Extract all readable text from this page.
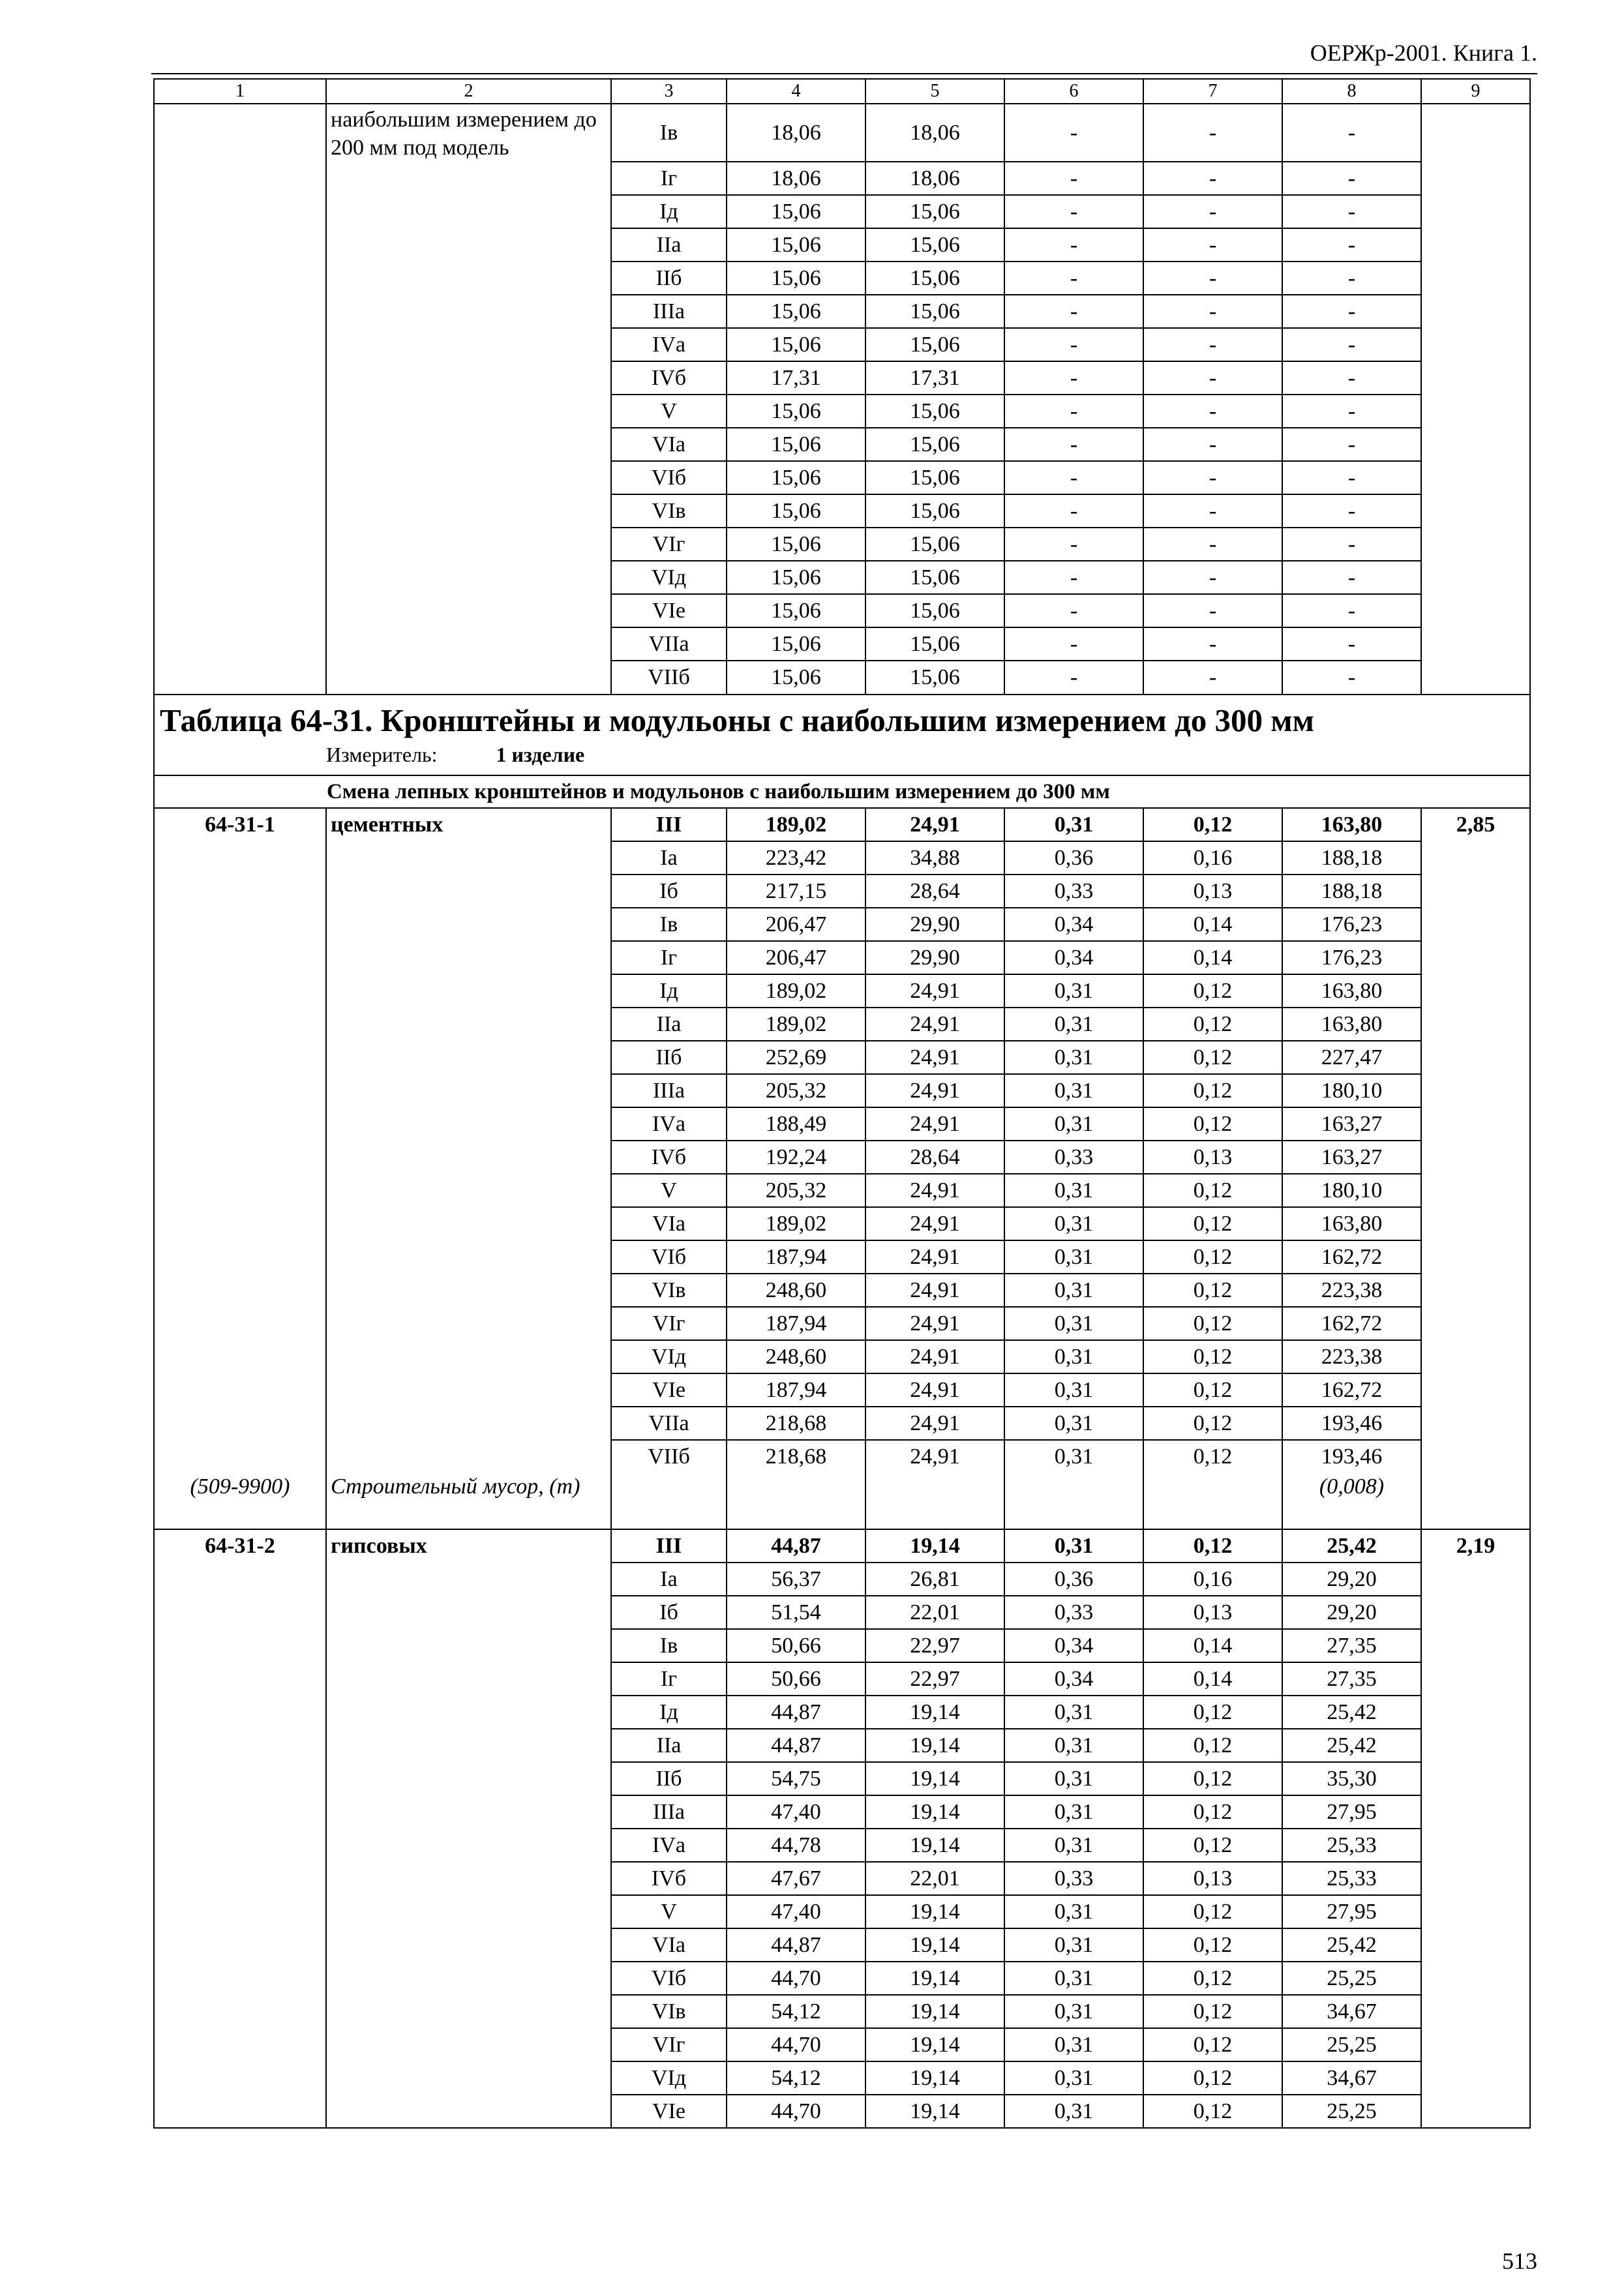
ОЕРЖр-2001. Книга 1.
1	2	3	4	5	6	7	8	9
	наибольшим измерением до 200 мм под модель	Iв	18,06	18,06	-	-	-	
		Iг	18,06	18,06	-	-	-	
		Iд	15,06	15,06	-	-	-	
		IIа	15,06	15,06	-	-	-	
		IIб	15,06	15,06	-	-	-	
		IIIа	15,06	15,06	-	-	-	
		IVа	15,06	15,06	-	-	-	
		IVб	17,31	17,31	-	-	-	
		V	15,06	15,06	-	-	-	
		VIа	15,06	15,06	-	-	-	
		VIб	15,06	15,06	-	-	-	
		VIв	15,06	15,06	-	-	-	
		VIг	15,06	15,06	-	-	-	
		VIд	15,06	15,06	-	-	-	
		VIе	15,06	15,06	-	-	-	
		VIIа	15,06	15,06	-	-	-	
		VIIб	15,06	15,06	-	-	-	
Таблица 64-31. Кронштейны и модульоны с наибольшим измерением до 300 мм
Измеритель: 1 изделие								

Смена лепных кронштейнов и модульонов с наибольшим измерением до 300 мм								
64-31-1	цементных	III	189,02	24,91	0,31	0,12	163,80	2,85
		Iа	223,42	34,88	0,36	0,16	188,18	
		Iб	217,15	28,64	0,33	0,13	188,18	
		Iв	206,47	29,90	0,34	0,14	176,23	
		Iг	206,47	29,90	0,34	0,14	176,23	
		Iд	189,02	24,91	0,31	0,12	163,80	
		IIа	189,02	24,91	0,31	0,12	163,80	
		IIб	252,69	24,91	0,31	0,12	227,47	
		IIIа	205,32	24,91	0,31	0,12	180,10	
		IVа	188,49	24,91	0,31	0,12	163,27	
		IVб	192,24	28,64	0,33	0,13	163,27	
		V	205,32	24,91	0,31	0,12	180,10	
		VIа	189,02	24,91	0,31	0,12	163,80	
		VIб	187,94	24,91	0,31	0,12	162,72	
		VIв	248,60	24,91	0,31	0,12	223,38	
		VIг	187,94	24,91	0,31	0,12	162,72	
		VIд	248,60	24,91	0,31	0,12	223,38	
		VIе	187,94	24,91	0,31	0,12	162,72	
		VIIа	218,68	24,91	0,31	0,12	193,46	
		VIIб	218,68	24,91	0,31	0,12	193,46	
(509-9900)	Строительный мусор, (т)						(0,008)	
64-31-2	гипсовых	III	44,87	19,14	0,31	0,12	25,42	2,19
		Iа	56,37	26,81	0,36	0,16	29,20	
		Iб	51,54	22,01	0,33	0,13	29,20	
		Iв	50,66	22,97	0,34	0,14	27,35	
		Iг	50,66	22,97	0,34	0,14	27,35	
		Iд	44,87	19,14	0,31	0,12	25,42	
		IIа	44,87	19,14	0,31	0,12	25,42	
		IIб	54,75	19,14	0,31	0,12	35,30	
		IIIа	47,40	19,14	0,31	0,12	27,95	
		IVа	44,78	19,14	0,31	0,12	25,33	
		IVб	47,67	22,01	0,33	0,13	25,33	
		V	47,40	19,14	0,31	0,12	27,95	
		VIа	44,87	19,14	0,31	0,12	25,42	
		VIб	44,70	19,14	0,31	0,12	25,25	
		VIв	54,12	19,14	0,31	0,12	34,67	
		VIг	44,70	19,14	0,31	0,12	25,25	
		VIд	54,12	19,14	0,31	0,12	34,67	
		VIе	44,70	19,14	0,31	0,12	25,25	
513
